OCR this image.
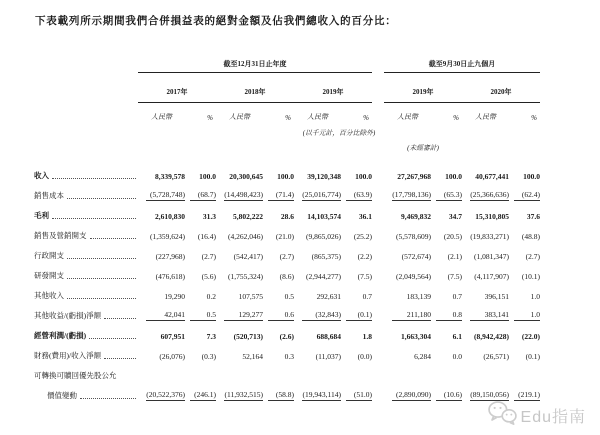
下表載列所示期間我們合併損益表的絕對金額及佔我們總收入的百分比：
	截至12月31日止年度							截至9月30日止九個月			
	2017年		2018年		2019年			2019年		2020年	
	人民幣	%	人民幣	%	人民幣	%		人民幣	%	人民幣	%
	(以千元計，百分比除外)										
								(未經審計)			

收入	8,339,578	100.0	20,300,645	100.0	39,120,348	100.0		27,267,968	100.0	40,677,441	100.0

銷售成本	(5,728,748)	(68.7)	(14,498,423)	(71.4)	(25,016,774)	(63.9)		(17,798,136)	(65.3)	(25,366,636)	(62.4)

毛利	2,610,830	31.3	5,802,222	28.6	14,103,574	36.1		9,469,832	34.7	15,310,805	37.6

銷售及營銷開支	(1,359,624)	(16.4)	(4,262,046)	(21.0)	(9,865,026)	(25.2)		(5,578,609)	(20.5)	(19,833,271)	(48.8)

行政開支	(227,968)	(2.7)	(542,417)	(2.7)	(865,375)	(2.2)		(572,674)	(2.1)	(1,081,347)	(2.7)

研發開支	(476,618)	(5.6)	(1,755,324)	(8.6)	(2,944,277)	(7.5)		(2,049,564)	(7.5)	(4,117,907)	(10.1)

其他收入	19,290	0.2	107,575	0.5	292,631	0.7		183,139	0.7	396,151	1.0

其他收益/(虧損)淨額	42,041	0.5	129,277	0.6	(32,843)	(0.1)		211,180	0.8	383,141	1.0

經營利潤/(虧損)	607,951	7.3	(520,713)	(2.6)	688,684	1.8		1,663,304	6.1	(8,942,428)	(22.0)

財務(費用)/收入淨額	(26,076)	(0.3)	52,164	0.3	(11,037)	(0.0)		6,284	0.0	(26,571)	(0.1)

可轉換可贖回優先股公允											

價值變動	(20,522,376)	(246.1)	(11,932,515)	(58.8)	(19,943,114)	(51.0)		(2,890,090)	(10.6)	(89,150,056)	(219.1)
Edu指南
